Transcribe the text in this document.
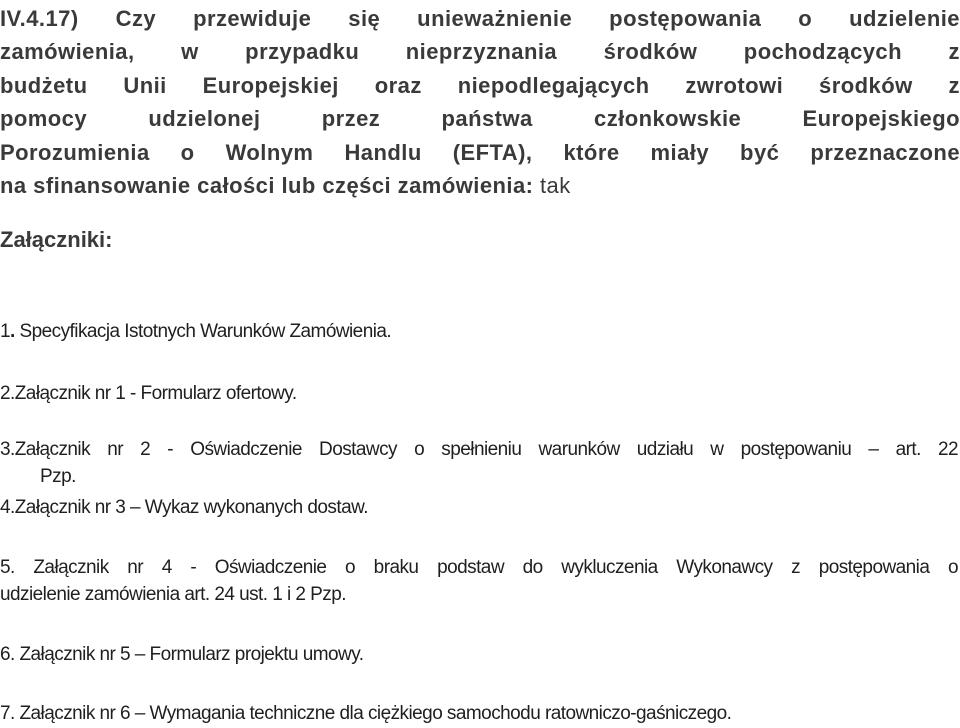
IV.4.17) Czy przewiduje się unieważnienie postępowania o udzielenie
zamówienia, w przypadku nieprzyznania środków pochodzących z
budżetu Unii Europejskiej oraz niepodlegających zwrotowi środków z
pomocy udzielonej przez państwa członkowskie Europejskiego
Porozumienia o Wolnym Handlu (EFTA), które miały być przeznaczone
na sfinansowanie całości lub części zamówienia: tak
Załączniki:
1. Specyfikacja Istotnych Warunków Zamówienia.
2.Załącznik nr 1 - Formularz ofertowy.
3.Załącznik nr 2 - Oświadczenie Dostawcy o spełnieniu warunków udziału w postępowaniu – art. 22
Pzp.
4.Załącznik nr 3 – Wykaz wykonanych dostaw.
5. Załącznik nr 4 - Oświadczenie o braku podstaw do wykluczenia Wykonawcy z postępowania o
udzielenie zamówienia art. 24 ust. 1 i 2 Pzp.
6. Załącznik nr 5 – Formularz projektu umowy.
7. Załącznik nr 6 – Wymagania techniczne dla ciężkiego samochodu ratowniczo-gaśniczego.
